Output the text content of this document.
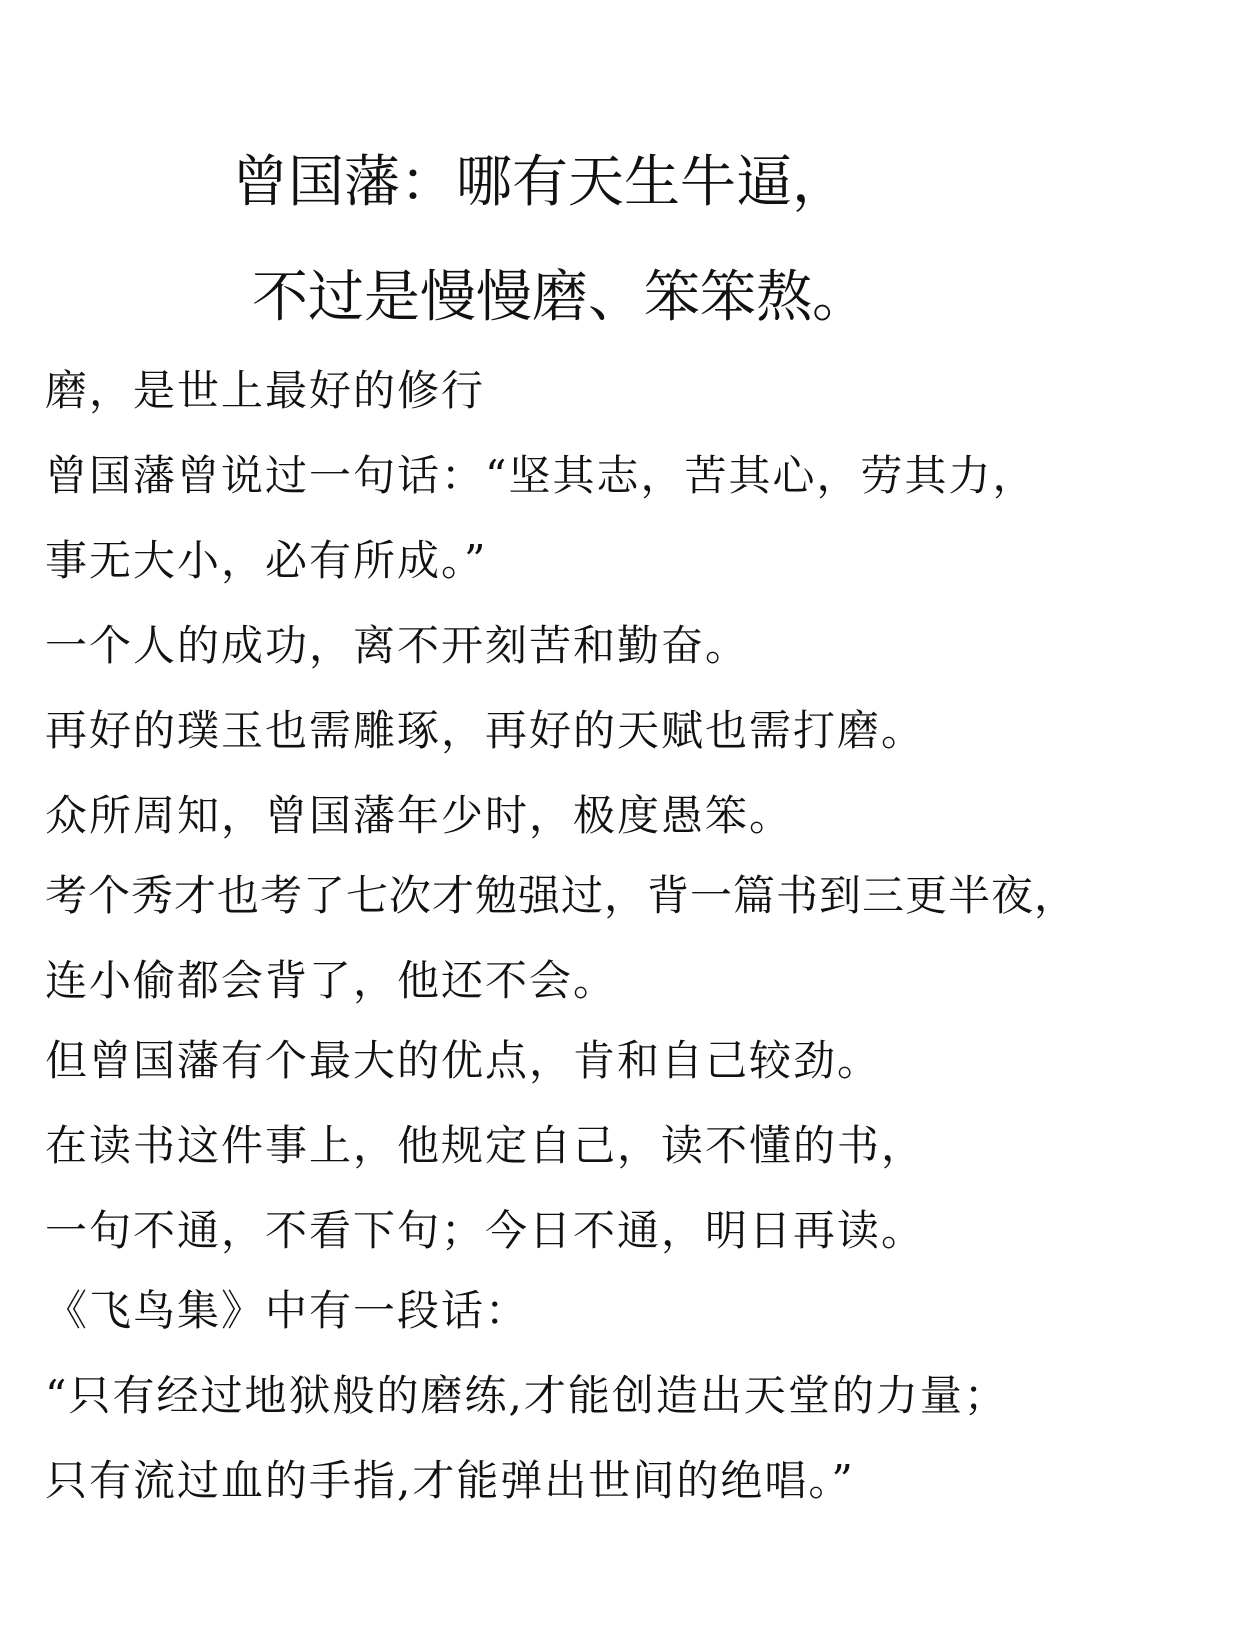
曾国藩：哪有天生牛逼，
不过是慢慢磨、笨笨熬。

磨，是世上最好的修行

曾国藩曾说过一句话：“坚其志，苦其心，劳其力，

事无大小，必有所成。”

一个人的成功，离不开刻苦和勤奋。

再好的璞玉也需雕琢，再好的天赋也需打磨。

众所周知，曾国藩年少时，极度愚笨。

考个秀才也考了七次才勉强过，背一篇书到三更半夜，

连小偷都会背了，他还不会。

但曾国藩有个最大的优点，肯和自己较劲。

在读书这件事上，他规定自己，读不懂的书，

一句不通，不看下句；今日不通，明日再读。

《飞鸟集》中有一段话：

“只有经过地狱般的磨练,才能创造出天堂的力量；

只有流过血的手指,才能弹出世间的绝唱。”
